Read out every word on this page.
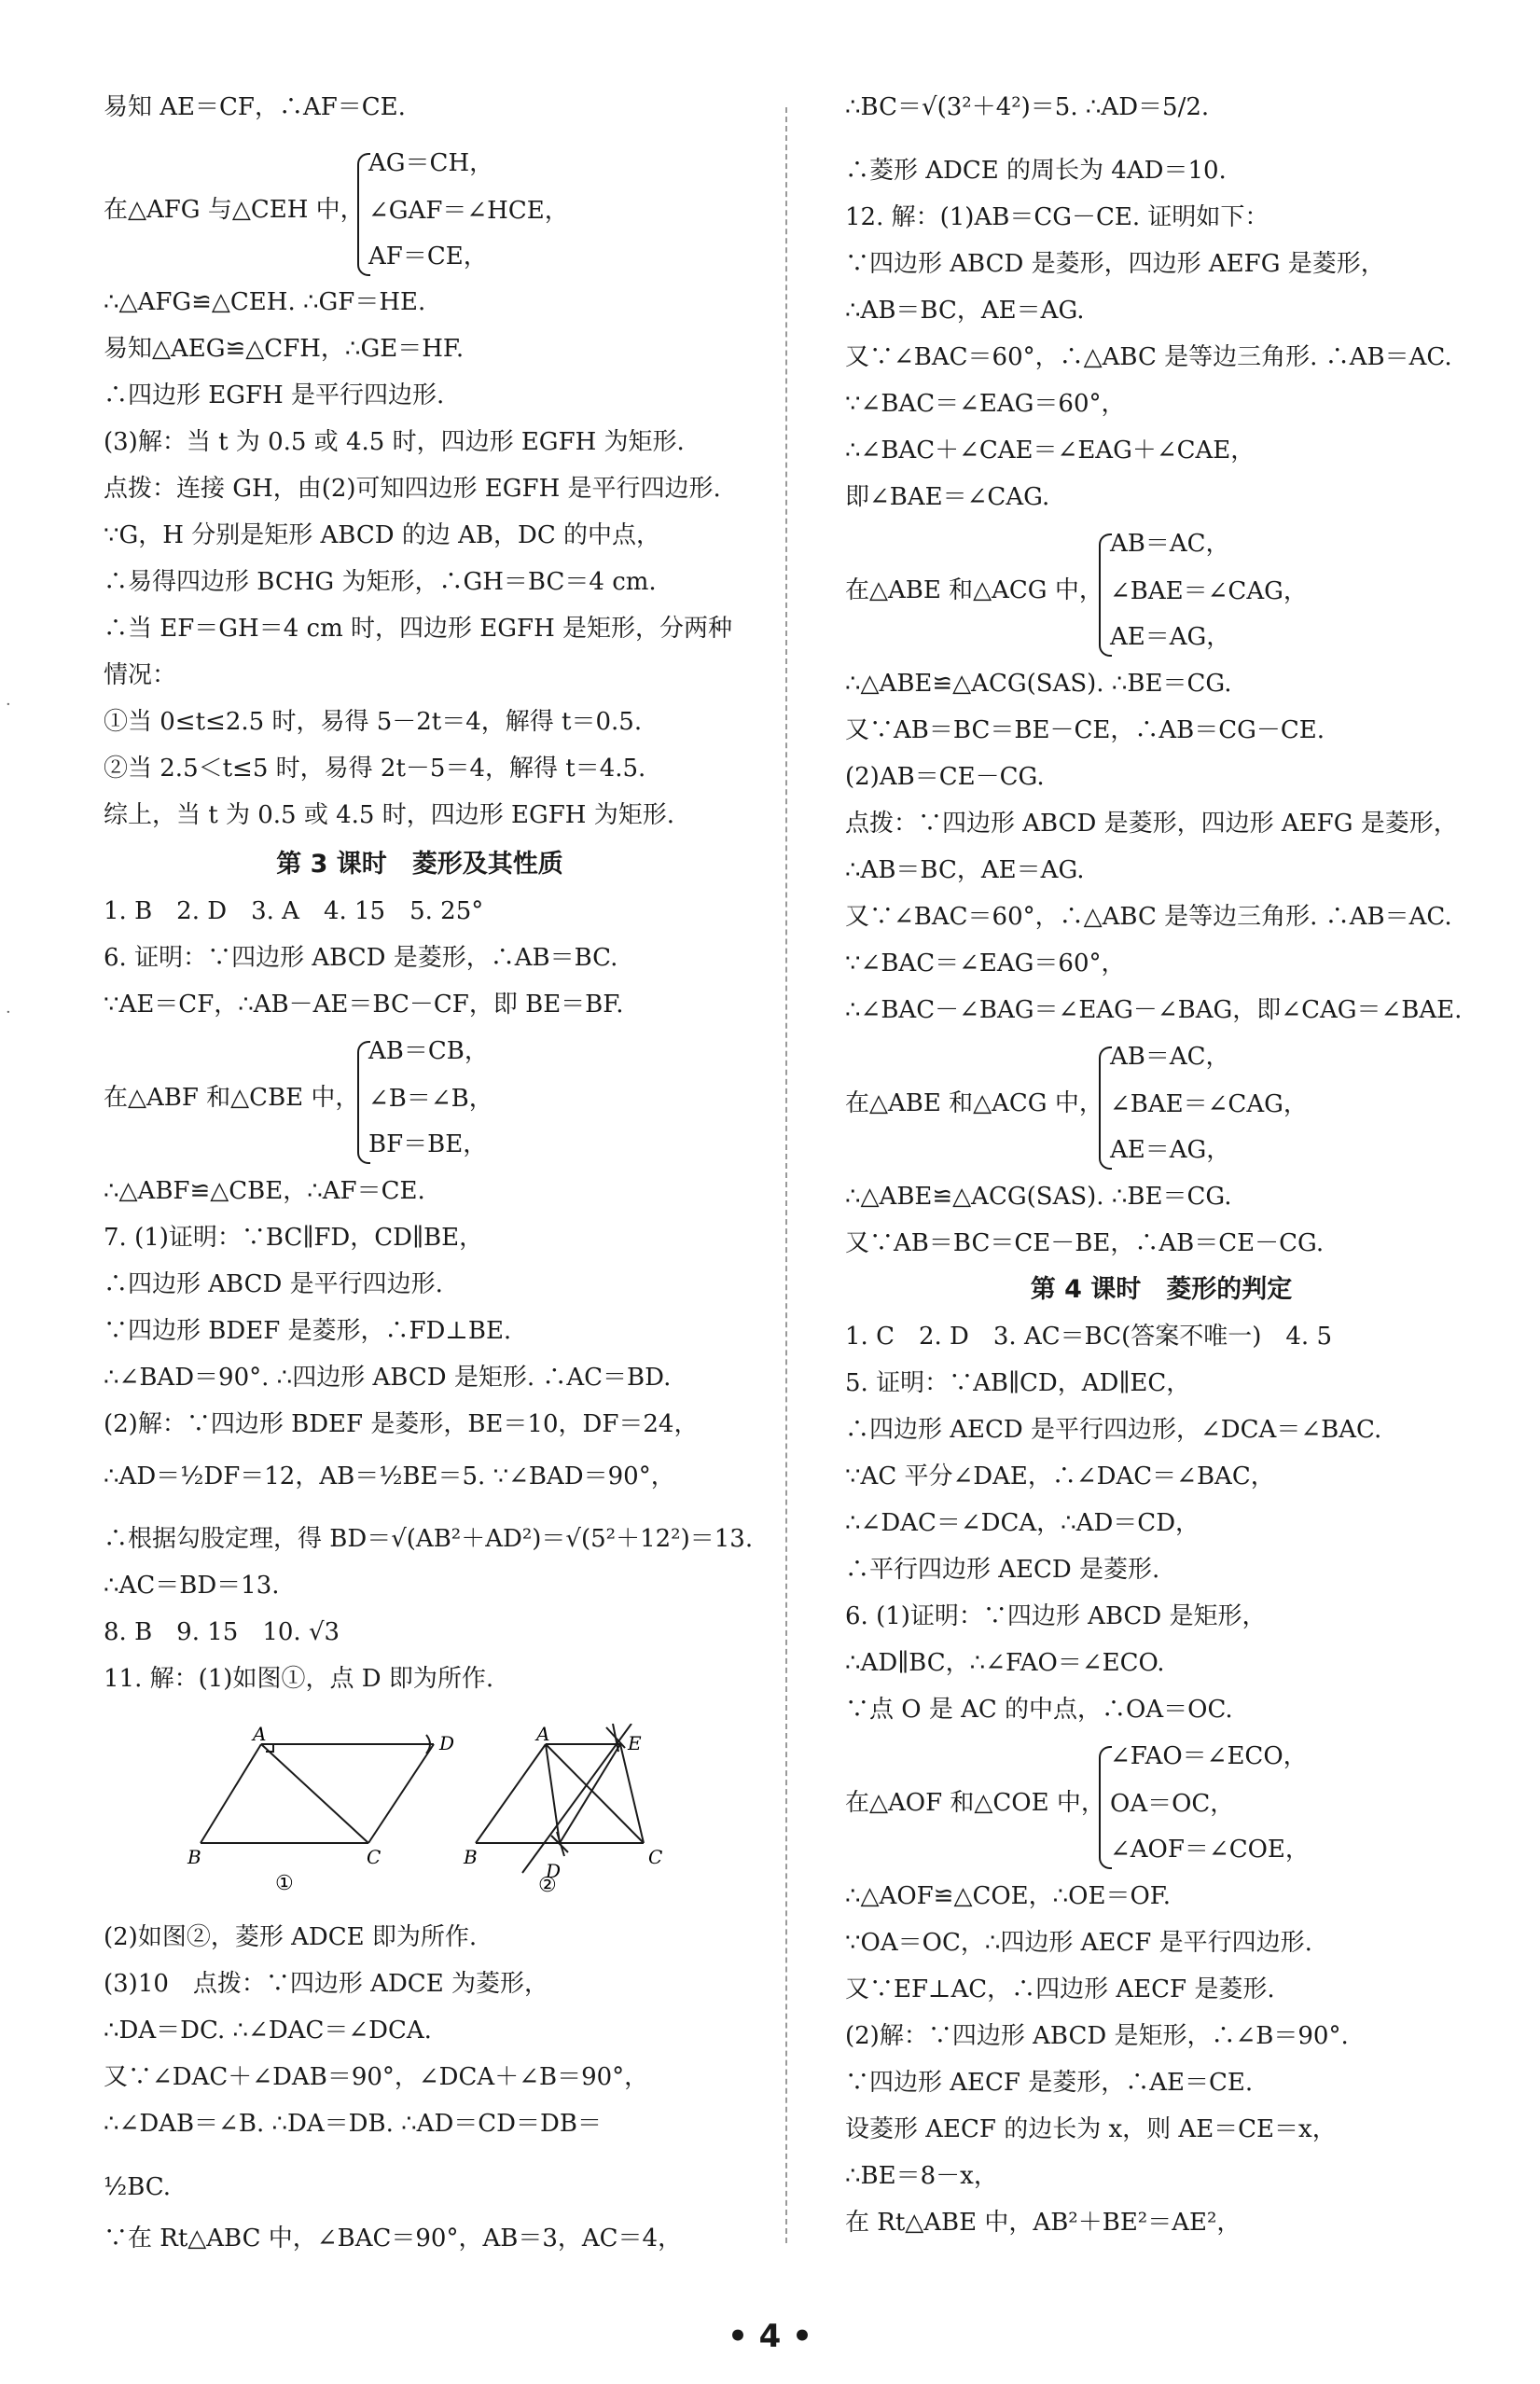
易知 AE＝CF，∴AF＝CE.
AG＝CH，
在△AFG 与△CEH 中， ∠GAF＝∠HCE，
AF＝CE，
∴△AFG≌△CEH. ∴GF＝HE.
易知△AEG≌△CFH，∴GE＝HF.
∴四边形 EGFH 是平行四边形.
(3)解：当 t 为 0.5 或 4.5 时，四边形 EGFH 为矩形.
点拨：连接 GH，由(2)可知四边形 EGFH 是平行四边形.
∵G，H 分别是矩形 ABCD 的边 AB，DC 的中点，
∴易得四边形 BCHG 为矩形，∴GH＝BC＝4 cm.
∴当 EF＝GH＝4 cm 时，四边形 EGFH 是矩形，分两种
情况：
①当 0≤t≤2.5 时，易得 5－2t＝4，解得 t＝0.5.
②当 2.5＜t≤5 时，易得 2t－5＝4，解得 t＝4.5.
综上，当 t 为 0.5 或 4.5 时，四边形 EGFH 为矩形.
第 3 课时　菱形及其性质
1. B　2. D　3. A　4. 15　5. 25°
6. 证明：∵四边形 ABCD 是菱形，∴AB＝BC.
∵AE＝CF，∴AB－AE＝BC－CF，即 BE＝BF.
AB＝CB，
在△ABF 和△CBE 中， ∠B＝∠B，
BF＝BE，
∴△ABF≌△CBE，∴AF＝CE.
7. (1)证明：∵BC∥FD，CD∥BE，
∴四边形 ABCD 是平行四边形.
∵四边形 BDEF 是菱形，∴FD⊥BE.
∴∠BAD＝90°. ∴四边形 ABCD 是矩形. ∴AC＝BD.
(2)解：∵四边形 BDEF 是菱形，BE＝10，DF＝24，
∴AD＝½DF＝12，AB＝½BE＝5. ∵∠BAD＝90°，
∴根据勾股定理，得 BD＝√(AB²＋AD²)＝√(5²＋12²)＝13.
∴AC＝BD＝13.
8. B　9. 15　10. √3
11. 解：(1)如图①，点 D 即为所作.
(2)如图②，菱形 ADCE 即为所作.
(3)10　点拨：∵四边形 ADCE 为菱形，
∴DA＝DC. ∴∠DAC＝∠DCA.
又∵∠DAC＋∠DAB＝90°，∠DCA＋∠B＝90°，
∴∠DAB＝∠B. ∴DA＝DB. ∴AD＝CD＝DB＝
½BC.
∵在 Rt△ABC 中，∠BAC＝90°，AB＝3，AC＝4，
∴BC＝√(3²＋4²)＝5. ∴AD＝5/2.
∴菱形 ADCE 的周长为 4AD＝10.
12. 解：(1)AB＝CG－CE. 证明如下：
∵四边形 ABCD 是菱形，四边形 AEFG 是菱形，
∴AB＝BC，AE＝AG.
又∵∠BAC＝60°，∴△ABC 是等边三角形. ∴AB＝AC.
∵∠BAC＝∠EAG＝60°，
∴∠BAC＋∠CAE＝∠EAG＋∠CAE，
即∠BAE＝∠CAG.
AB＝AC，
在△ABE 和△ACG 中， ∠BAE＝∠CAG，
AE＝AG，
∴△ABE≌△ACG(SAS). ∴BE＝CG.
又∵AB＝BC＝BE－CE，∴AB＝CG－CE.
(2)AB＝CE－CG.
点拨：∵四边形 ABCD 是菱形，四边形 AEFG 是菱形，
∴AB＝BC，AE＝AG.
又∵∠BAC＝60°，∴△ABC 是等边三角形. ∴AB＝AC.
∵∠BAC＝∠EAG＝60°，
∴∠BAC－∠BAG＝∠EAG－∠BAG，即∠CAG＝∠BAE.
AB＝AC，
在△ABE 和△ACG 中， ∠BAE＝∠CAG，
AE＝AG，
∴△ABE≌△ACG(SAS). ∴BE＝CG.
又∵AB＝BC＝CE－BE，∴AB＝CE－CG.
第 4 课时　菱形的判定
1. C　2. D　3. AC＝BC(答案不唯一)　4. 5
5. 证明：∵AB∥CD，AD∥EC，
∴四边形 AECD 是平行四边形，∠DCA＝∠BAC.
∵AC 平分∠DAE，∴∠DAC＝∠BAC，
∴∠DAC＝∠DCA，∴AD＝CD，
∴平行四边形 AECD 是菱形.
6. (1)证明：∵四边形 ABCD 是矩形，
∴AD∥BC，∴∠FAO＝∠ECO.
∵点 O 是 AC 的中点，∴OA＝OC.
∠FAO＝∠ECO，
在△AOF 和△COE 中， OA＝OC，
∠AOF＝∠COE，
∴△AOF≌△COE，∴OE＝OF.
∵OA＝OC，∴四边形 AECF 是平行四边形.
又∵EF⊥AC，∴四边形 AECF 是菱形.
(2)解：∵四边形 ABCD 是矩形，∴∠B＝90°.
∵四边形 AECF 是菱形，∴AE＝CE.
设菱形 AECF 的边长为 x，则 AE＝CE＝x，
∴BE＝8－x，
在 Rt△ABE 中，AB²＋BE²＝AE²，
A	D
B	C
①
A	E
B
D
C
②
·
·
• 4 •
